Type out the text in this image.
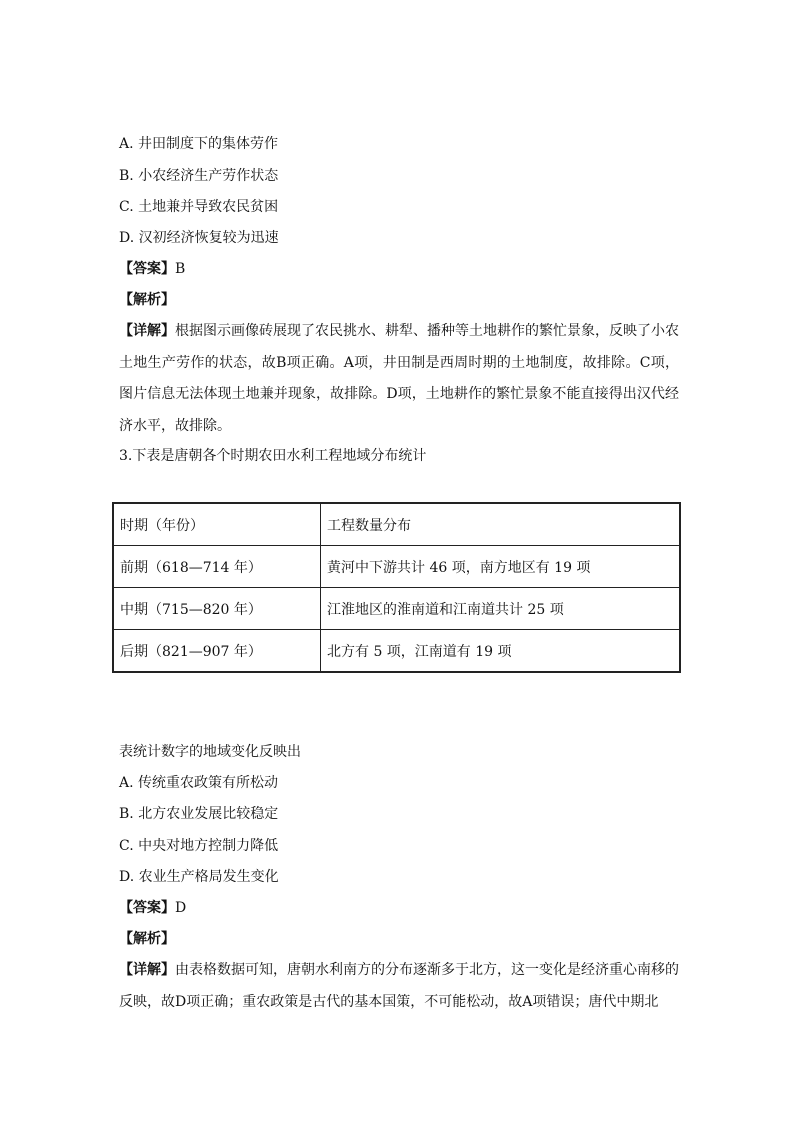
A. 井田制度下的集体劳作
B. 小农经济生产劳作状态
C. 土地兼并导致农民贫困
D. 汉初经济恢复较为迅速
【答案】B
【解析】
【详解】根据图示画像砖展现了农民挑水、耕犁、播种等土地耕作的繁忙景象，反映了小农土地生产劳作的状态，故B项正确。A项，井田制是西周时期的土地制度，故排除。C项，图片信息无法体现土地兼并现象，故排除。D项，土地耕作的繁忙景象不能直接得出汉代经济水平，故排除。
3.下表是唐朝各个时期农田水利工程地域分布统计
时期（年份）	工程数量分布
前期（618—714 年）	黄河中下游共计 46 项，南方地区有 19 项
中期（715—820 年）	江淮地区的淮南道和江南道共计 25 项
后期（821—907 年）	北方有 5 项，江南道有 19 项
表统计数字的地域变化反映出
A. 传统重农政策有所松动
B. 北方农业发展比较稳定
C. 中央对地方控制力降低
D. 农业生产格局发生变化
【答案】D
【解析】
【详解】由表格数据可知，唐朝水利南方的分布逐渐多于北方，这一变化是经济重心南移的反映，故D项正确；重农政策是古代的基本国策，不可能松动，故A项错误；唐代中期北
